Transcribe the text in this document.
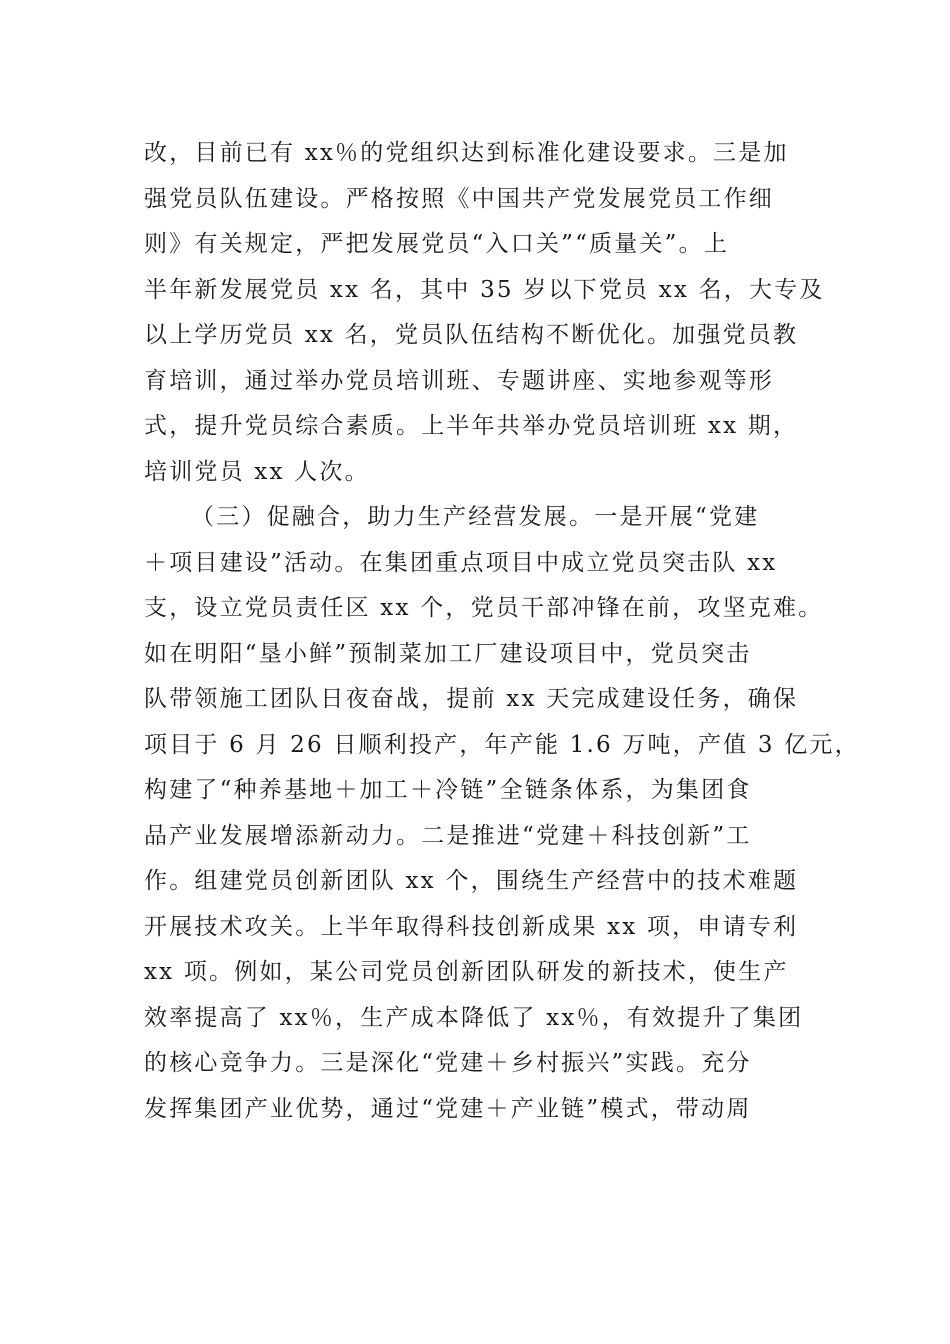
改，目前已有 xx％的党组织达到标准化建设要求。三是加
强党员队伍建设。严格按照《中国共产党发展党员工作细
则》有关规定，严把发展党员“入口关”“质量关”。上
半年新发展党员 xx 名，其中 35 岁以下党员 xx 名，大专及
以上学历党员 xx 名，党员队伍结构不断优化。加强党员教
育培训，通过举办党员培训班、专题讲座、实地参观等形
式，提升党员综合素质。上半年共举办党员培训班 xx 期，
培训党员 xx 人次。
（三）促融合，助力生产经营发展。一是开展“党建
＋项目建设”活动。在集团重点项目中成立党员突击队 xx
支，设立党员责任区 xx 个，党员干部冲锋在前，攻坚克难。
如在明阳“垦小鲜”预制菜加工厂建设项目中，党员突击
队带领施工团队日夜奋战，提前 xx 天完成建设任务，确保
项目于 6 月 26 日顺利投产，年产能 1.6 万吨，产值 3 亿元，
构建了“种养基地＋加工＋冷链”全链条体系，为集团食
品产业发展增添新动力。二是推进“党建＋科技创新”工
作。组建党员创新团队 xx 个，围绕生产经营中的技术难题
开展技术攻关。上半年取得科技创新成果 xx 项，申请专利
xx 项。例如，某公司党员创新团队研发的新技术，使生产
效率提高了 xx％，生产成本降低了 xx％，有效提升了集团
的核心竞争力。三是深化“党建＋乡村振兴”实践。充分
发挥集团产业优势，通过“党建＋产业链”模式，带动周
